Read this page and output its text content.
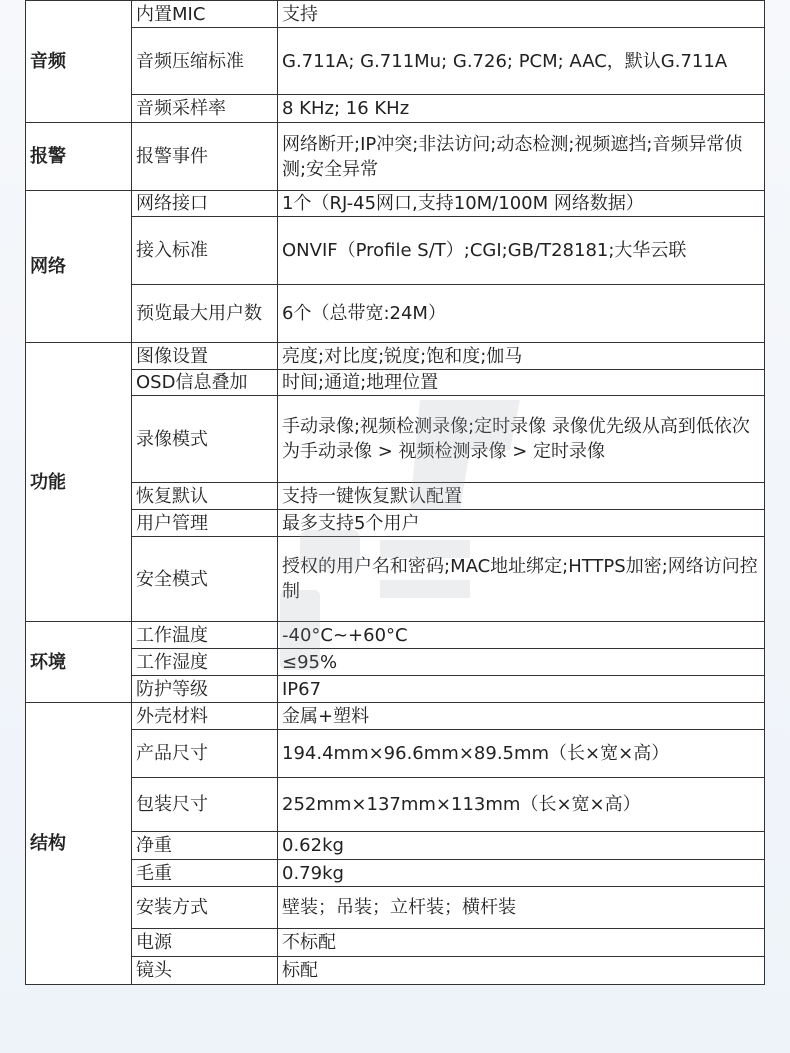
音频	内置MIC	支持
	音频压缩标准	G.711A; G.711Mu; G.726; PCM; AAC，默认G.711A
	音频采样率	8 KHz; 16 KHz
报警	报警事件	网络断开;IP冲突;非法访问;动态检测;视频遮挡;音频异常侦测;安全异常
网络	网络接口	1个（RJ-45网口,支持10M/100M 网络数据）
	接入标准	ONVIF（Profile S/T）;CGI;GB/T28181;大华云联
	预览最大用户数	6个（总带宽:24M）
功能	图像设置	亮度;对比度;锐度;饱和度;伽马
	OSD信息叠加	时间;通道;地理位置
	录像模式	手动录像;视频检测录像;定时录像 录像优先级从高到低依次为手动录像 > 视频检测录像 > 定时录像
	恢复默认	支持一键恢复默认配置
	用户管理	最多支持5个用户
	安全模式	授权的用户名和密码;MAC地址绑定;HTTPS加密;网络访问控制
环境	工作温度	-40°C~+60°C
	工作湿度	≤95%
	防护等级	IP67
结构	外壳材料	金属+塑料
	产品尺寸	194.4mm×96.6mm×89.5mm（长×宽×高）
	包装尺寸	252mm×137mm×113mm（长×宽×高）
	净重	0.62kg
	毛重	0.79kg
	安装方式	壁装；吊装；立杆装；横杆装
	电源	不标配
	镜头	标配
